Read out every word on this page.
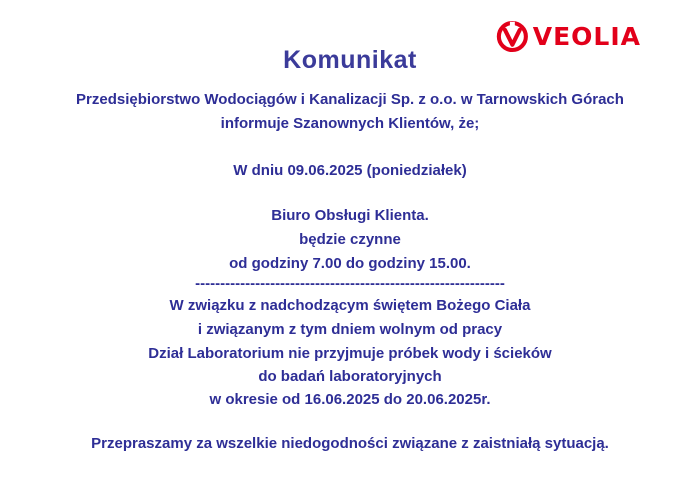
VEOLIA
Komunikat
Przedsiębiorstwo Wodociągów i Kanalizacji Sp. z o.o. w Tarnowskich Górach
informuje Szanownych Klientów, że;
W dniu 09.06.2025 (poniedziałek)
Biuro Obsługi Klienta.
będzie czynne
od godziny 7.00 do godziny 15.00.
--------------------------------------------------------------
W związku z nadchodzącym świętem Bożego Ciała
i związanym z tym dniem wolnym od pracy
Dział Laboratorium nie przyjmuje próbek wody i ścieków
do badań laboratoryjnych
w okresie od 16.06.2025 do 20.06.2025r.
Przepraszamy za wszelkie niedogodności związane z zaistniałą sytuacją.
